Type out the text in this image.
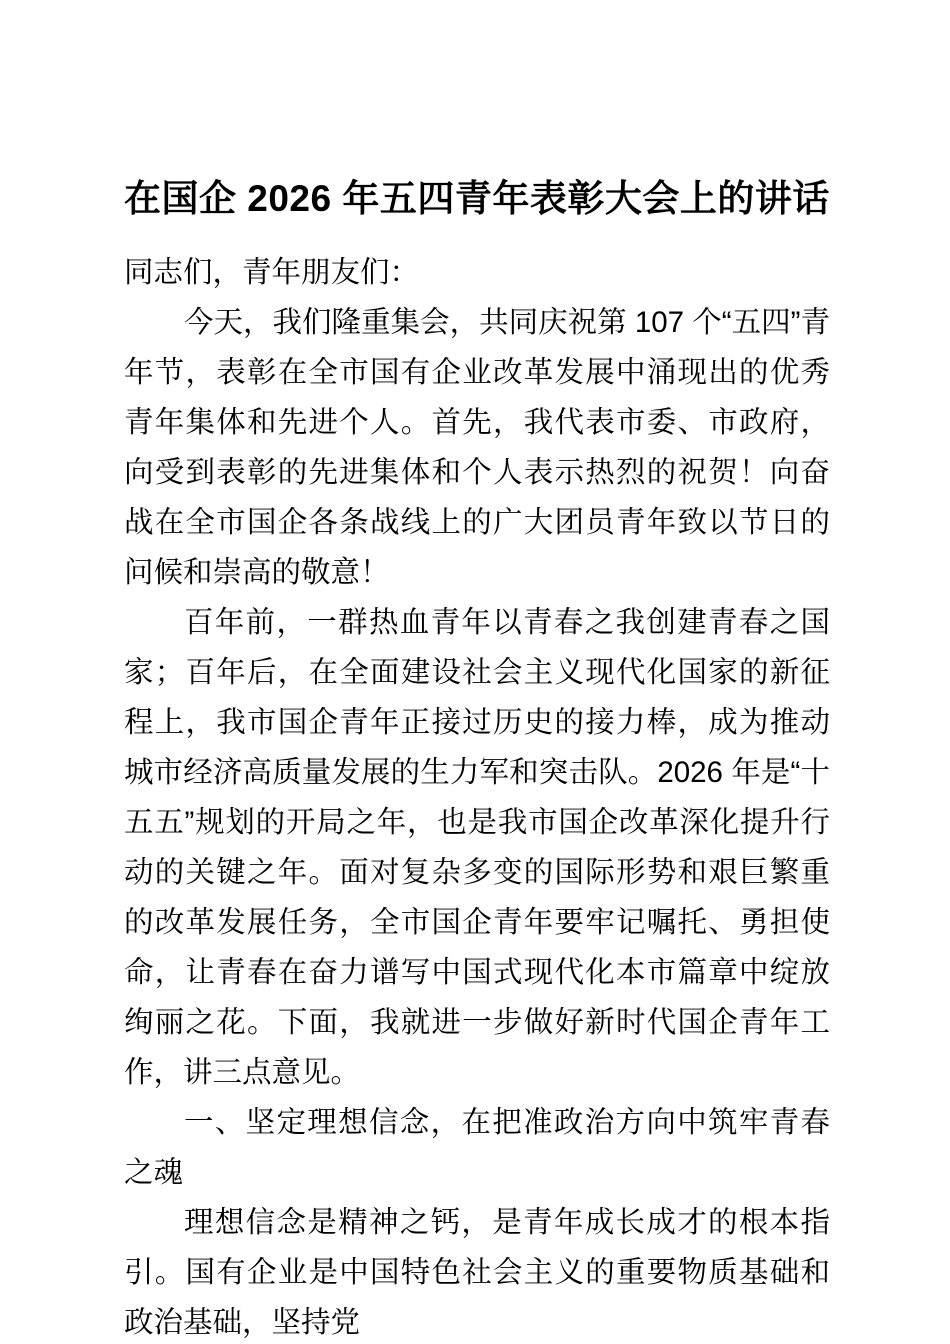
在国企 2026 年五四青年表彰大会上的讲话

同志们，青年朋友们：

今天，我们隆重集会，共同庆祝第 107 个“五四”青年节，表彰在全市国有企业改革发展中涌现出的优秀青年集体和先进个人。首先，我代表市委、市政府，向受到表彰的先进集体和个人表示热烈的祝贺！向奋战在全市国企各条战线上的广大团员青年致以节日的问候和崇高的敬意！

百年前，一群热血青年以青春之我创建青春之国家；百年后，在全面建设社会主义现代化国家的新征程上，我市国企青年正接过历史的接力棒，成为推动城市经济高质量发展的生力军和突击队。2026 年是“十五五”规划的开局之年，也是我市国企改革深化提升行动的关键之年。面对复杂多变的国际形势和艰巨繁重的改革发展任务，全市国企青年要牢记嘱托、勇担使命，让青春在奋力谱写中国式现代化本市篇章中绽放绚丽之花。下面，我就进一步做好新时代国企青年工作，讲三点意见。

一、坚定理想信念，在把准政治方向中筑牢青春之魂

理想信念是精神之钙，是青年成长成才的根本指引。国有企业是中国特色社会主义的重要物质基础和政治基础，坚持党
